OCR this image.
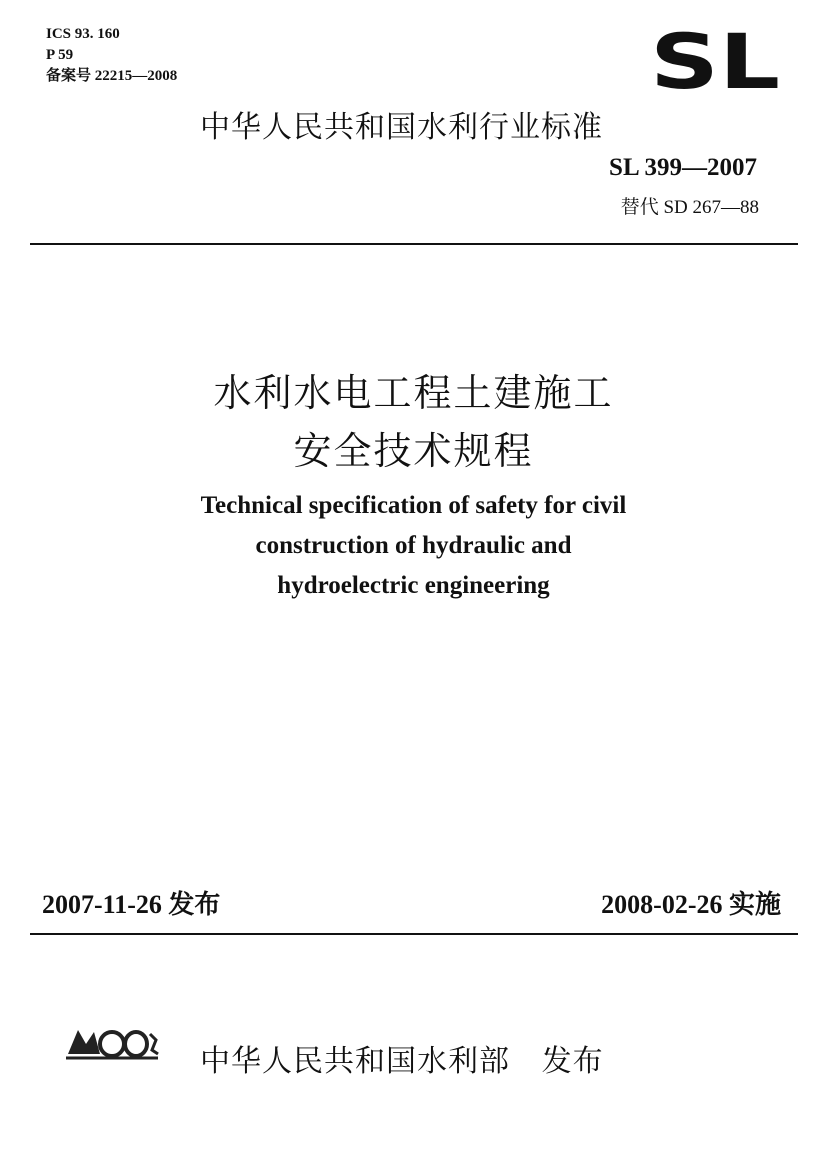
ICS 93. 160
P 59
备案号 22215—2008	SL
中华人民共和国水利行业标准
SL 399—2007
替代 SD 267—88
水利水电工程土建施工
安全技术规程
Technical specification of safety for civil
construction of hydraulic and
hydroelectric engineering
2007-11-26 发布	2008-02-26 实施
中华人民共和国水利部   发布
